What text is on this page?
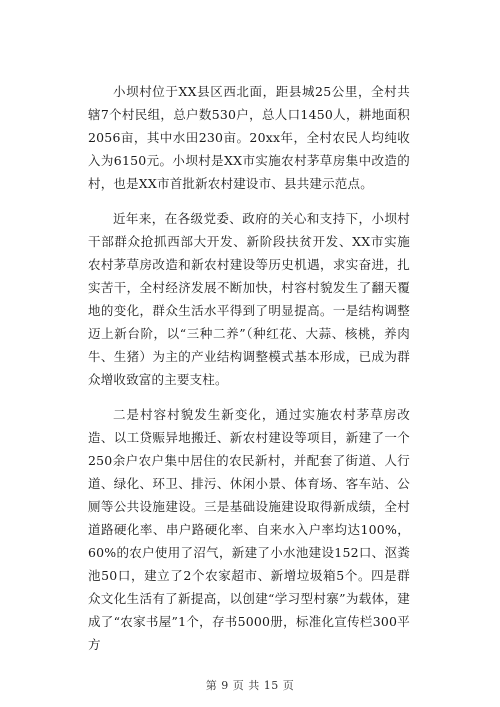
小坝村位于XX县区西北面，距县城25公里，全村共辖7个村民组，总户数530户，总人口1450人，耕地面积2056亩，其中水田230亩。20xx年，全村农民人均纯收入为6150元。小坝村是XX市实施农村茅草房集中改造的村，也是XX市首批新农村建设市、县共建示范点。

近年来，在各级党委、政府的关心和支持下，小坝村干部群众抢抓西部大开发、新阶段扶贫开发、XX市实施农村茅草房改造和新农村建设等历史机遇，求实奋进，扎实苦干，全村经济发展不断加快，村容村貌发生了翻天覆地的变化，群众生活水平得到了明显提高。一是结构调整迈上新台阶，以“三种二养”（种红花、大蒜、核桃，养肉牛、生猪）为主的产业结构调整模式基本形成，已成为群众增收致富的主要支柱。

二是村容村貌发生新变化，通过实施农村茅草房改造、以工贷赈异地搬迁、新农村建设等项目，新建了一个250余户农户集中居住的农民新村，并配套了街道、人行道、绿化、环卫、排污、休闲小景、体育场、客车站、公厕等公共设施建设。三是基础设施建设取得新成绩，全村道路硬化率、串户路硬化率、自来水入户率均达100%，60%的农户使用了沼气，新建了小水池建设152口、沤粪池50口，建立了2个农家超市、新增垃圾箱5个。四是群众文化生活有了新提高，以创建“学习型村寨”为载体，建成了“农家书屋”1个，存书5000册，标准化宣传栏300平方

第 9 页 共 15 页
